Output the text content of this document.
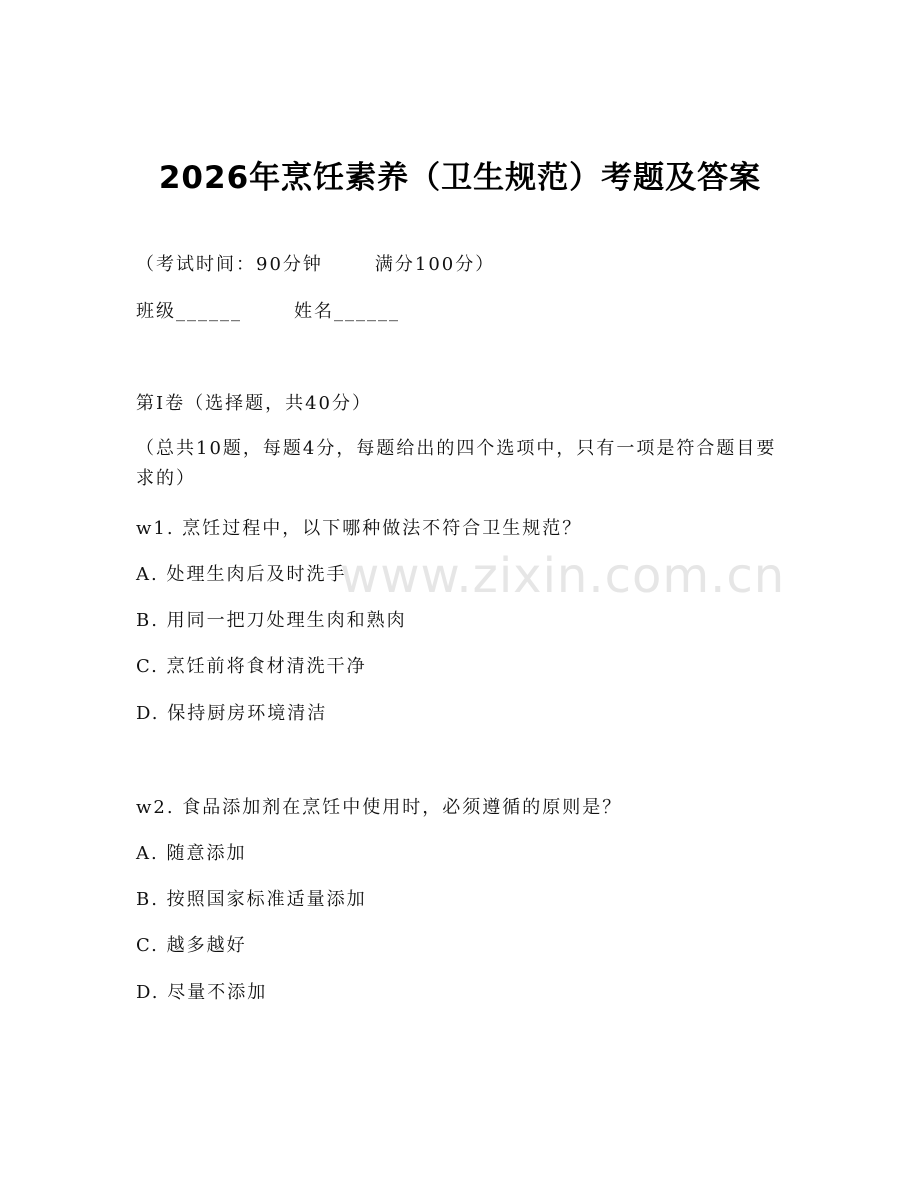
2026年烹饪素养（卫生规范）考题及答案
（考试时间：90分钟	满分100分）
班级______	姓名______
第Ⅰ卷（选择题，共40分）
（总共10题，每题4分，每题给出的四个选项中，只有一项是符合题目要求的）
w1. 烹饪过程中，以下哪种做法不符合卫生规范？
A. 处理生肉后及时洗手
B. 用同一把刀处理生肉和熟肉
C. 烹饪前将食材清洗干净
D. 保持厨房环境清洁
w2. 食品添加剂在烹饪中使用时，必须遵循的原则是？
A. 随意添加
B. 按照国家标准适量添加
C. 越多越好
D. 尽量不添加
www.zixin.com.cn
